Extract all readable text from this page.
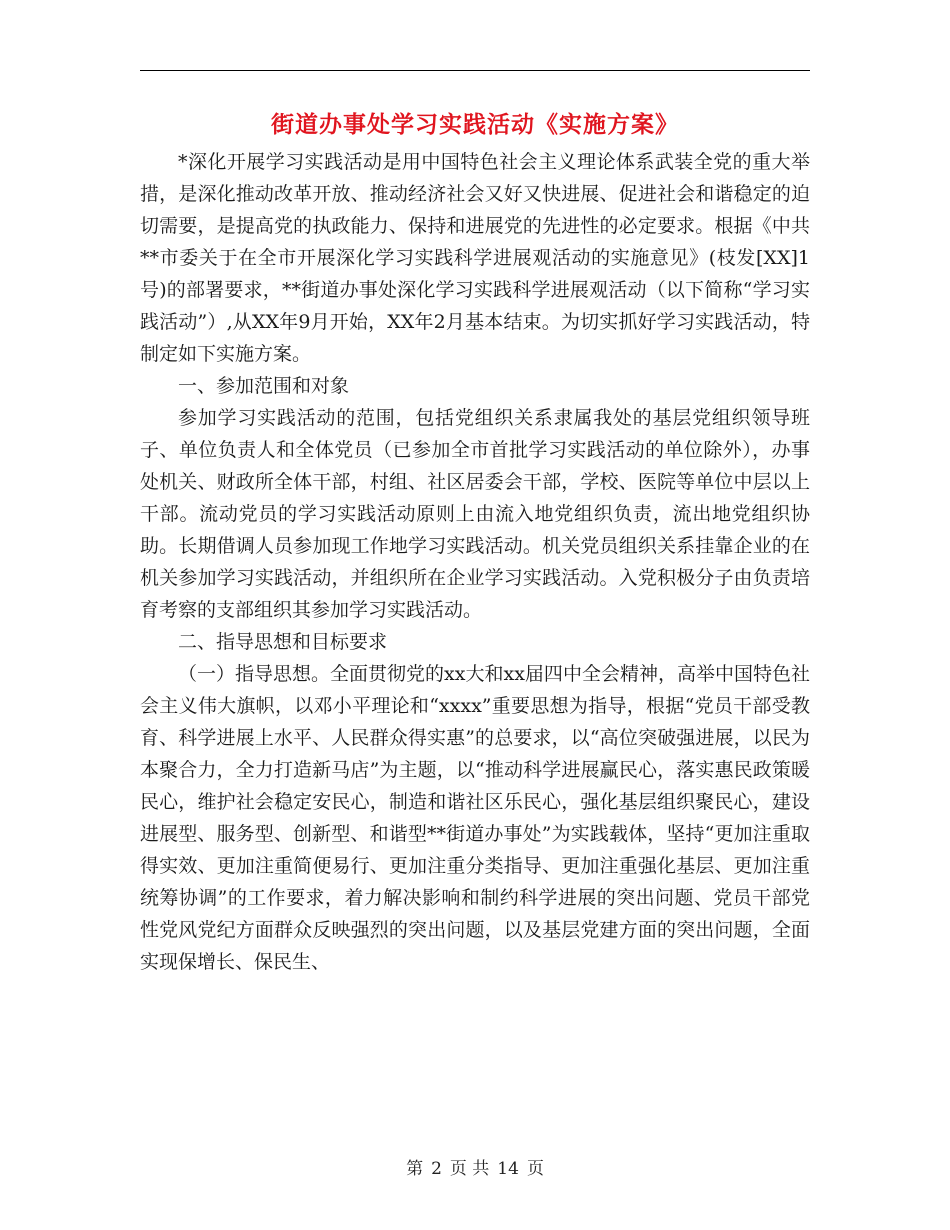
街道办事处学习实践活动《实施方案》

*深化开展学习实践活动是用中国特色社会主义理论体系武装全党的重大举措，是深化推动改革开放、推动经济社会又好又快进展、促进社会和谐稳定的迫切需要，是提高党的执政能力、保持和进展党的先进性的必定要求。根据《中共**市委关于在全市开展深化学习实践科学进展观活动的实施意见》(枝发[XX]1号)的部署要求，**街道办事处深化学习实践科学进展观活动（以下简称“学习实践活动”）,从XX年9月开始，XX年2月基本结束。为切实抓好学习实践活动，特制定如下实施方案。

一、参加范围和对象

参加学习实践活动的范围，包括党组织关系隶属我处的基层党组织领导班子、单位负责人和全体党员（已参加全市首批学习实践活动的单位除外），办事处机关、财政所全体干部，村组、社区居委会干部，学校、医院等单位中层以上干部。流动党员的学习实践活动原则上由流入地党组织负责，流出地党组织协助。长期借调人员参加现工作地学习实践活动。机关党员组织关系挂靠企业的在机关参加学习实践活动，并组织所在企业学习实践活动。入党积极分子由负责培育考察的支部组织其参加学习实践活动。

二、指导思想和目标要求

（一）指导思想。全面贯彻党的xx大和xx届四中全会精神，高举中国特色社会主义伟大旗帜，以邓小平理论和“xxxx”重要思想为指导，根据“党员干部受教育、科学进展上水平、人民群众得实惠”的总要求，以“高位突破强进展，以民为本聚合力，全力打造新马店”为主题，以“推动科学进展赢民心，落实惠民政策暖民心，维护社会稳定安民心，制造和谐社区乐民心，强化基层组织聚民心，建设进展型、服务型、创新型、和谐型**街道办事处”为实践载体，坚持“更加注重取得实效、更加注重简便易行、更加注重分类指导、更加注重强化基层、更加注重统筹协调”的工作要求，着力解决影响和制约科学进展的突出问题、党员干部党性党风党纪方面群众反映强烈的突出问题，以及基层党建方面的突出问题，全面实现保增长、保民生、

第 2 页 共 14 页
